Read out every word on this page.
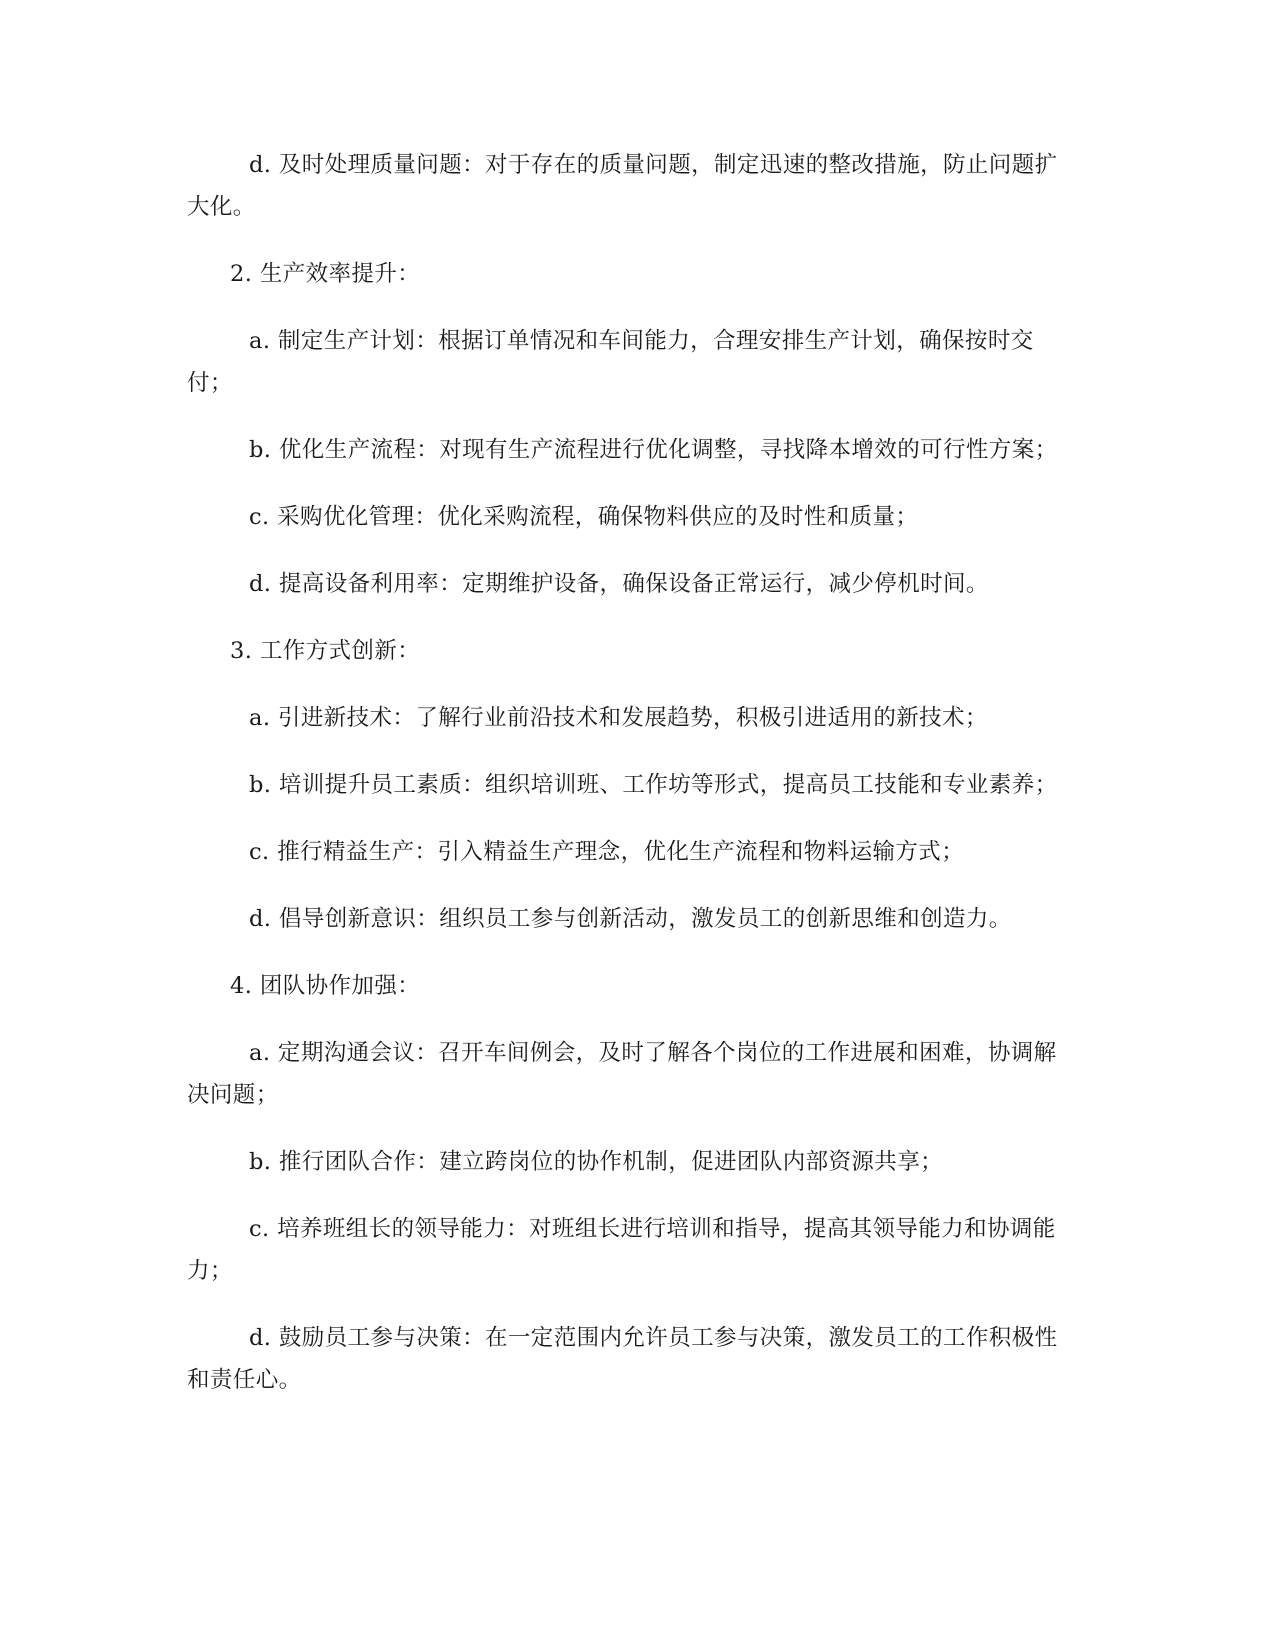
d. 及时处理质量问题：对于存在的质量问题，制定迅速的整改措施，防止问题扩大化。

2. 生产效率提升：

a. 制定生产计划：根据订单情况和车间能力，合理安排生产计划，确保按时交付；

b. 优化生产流程：对现有生产流程进行优化调整，寻找降本增效的可行性方案；

c. 采购优化管理：优化采购流程，确保物料供应的及时性和质量；

d. 提高设备利用率：定期维护设备，确保设备正常运行，减少停机时间。

3. 工作方式创新：

a. 引进新技术：了解行业前沿技术和发展趋势，积极引进适用的新技术；

b. 培训提升员工素质：组织培训班、工作坊等形式，提高员工技能和专业素养；

c. 推行精益生产：引入精益生产理念，优化生产流程和物料运输方式；

d. 倡导创新意识：组织员工参与创新活动，激发员工的创新思维和创造力。

4. 团队协作加强：

a. 定期沟通会议：召开车间例会，及时了解各个岗位的工作进展和困难，协调解决问题；

b. 推行团队合作：建立跨岗位的协作机制，促进团队内部资源共享；

c. 培养班组长的领导能力：对班组长进行培训和指导，提高其领导能力和协调能力；

d. 鼓励员工参与决策：在一定范围内允许员工参与决策，激发员工的工作积极性和责任心。
